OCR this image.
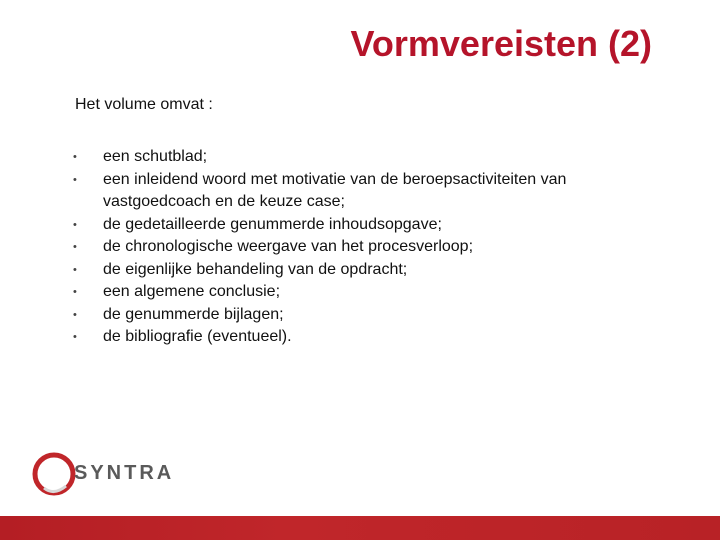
Vormvereisten (2)
Het volume omvat :
• een schutblad;
• een inleidend woord met motivatie van de beroepsactiviteiten van vastgoedcoach en de keuze case;
• de gedetailleerde genummerde inhoudsopgave;
• de chronologische weergave van het procesverloop;
• de eigenlijke behandeling van de opdracht;
• een algemene conclusie;
• de genummerde bijlagen;
• de bibliografie (eventueel).
SYNTRA
